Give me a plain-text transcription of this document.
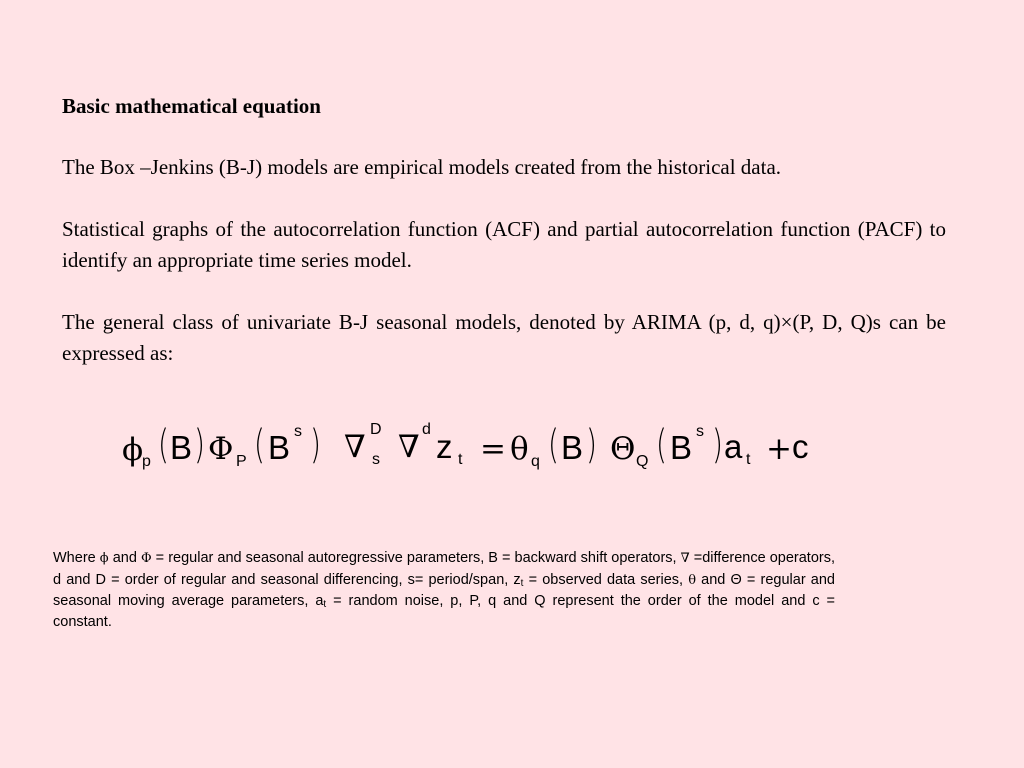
Basic mathematical equation

The Box –Jenkins (B-J) models are empirical models created from the historical data.

Statistical graphs of the autocorrelation function (ACF) and partial autocorrelation function (PACF) to identify an appropriate time series model.

The general class of univariate B-J seasonal models, denoted by ARIMA (p, d, q)×(P, D, Q)s can be expressed as:

ϕ
p ( B ) Φ P ( B s ) ∇ D
s ∇ d z t = θ q ( B ) Θ Q ( B s ) a t + c

Where ϕ and Φ = regular and seasonal autoregressive parameters, B = backward shift operators, ∇ =difference operators, d and D = order of regular and seasonal differencing, s= period/span, $z_t$ = observed data series, θ and Θ = regular and seasonal moving average parameters, $a_t$ = random noise, p, P, q and Q represent the order of the model and c = constant.
